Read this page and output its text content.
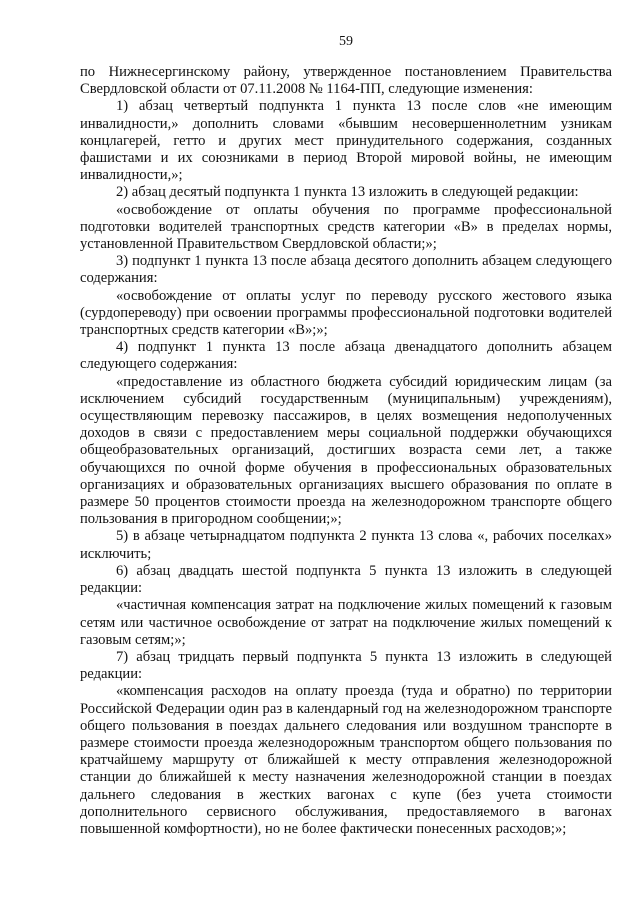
59

по Нижнесергинскому району, утвержденное постановлением Правительства Свердловской области от 07.11.2008 № 1164-ПП, следующие изменения:

1) абзац четвертый подпункта 1 пункта 13 после слов «не имеющим инвалидности,» дополнить словами «бывшим несовершеннолетним узникам концлагерей, гетто и других мест принудительного содержания, созданных фашистами и их союзниками в период Второй мировой войны, не имеющим инвалидности,»;

2) абзац десятый подпункта 1 пункта 13 изложить в следующей редакции:

«освобождение от оплаты обучения по программе профессиональной подготовки водителей транспортных средств категории «В» в пределах нормы, установленной Правительством Свердловской области;»;

3) подпункт 1 пункта 13 после абзаца десятого дополнить абзацем следующего содержания:

«освобождение от оплаты услуг по переводу русского жестового языка (сурдопереводу) при освоении программы профессиональной подготовки водителей транспортных средств категории «В»;»;

4) подпункт 1 пункта 13 после абзаца двенадцатого дополнить абзацем следующего содержания:

«предоставление из областного бюджета субсидий юридическим лицам (за исключением субсидий государственным (муниципальным) учреждениям), осуществляющим перевозку пассажиров, в целях возмещения недополученных доходов в связи с предоставлением меры социальной поддержки обучающихся общеобразовательных организаций, достигших возраста семи лет, а также обучающихся по очной форме обучения в профессиональных образовательных организациях и образовательных организациях высшего образования по оплате в размере 50 процентов стоимости проезда на железнодорожном транспорте общего пользования в пригородном сообщении;»;

5) в абзаце четырнадцатом подпункта 2 пункта 13 слова «, рабочих поселках» исключить;

6) абзац двадцать шестой подпункта 5 пункта 13 изложить в следующей редакции:

«частичная компенсация затрат на подключение жилых помещений к газовым сетям или частичное освобождение от затрат на подключение жилых помещений к газовым сетям;»;

7) абзац тридцать первый подпункта 5 пункта 13 изложить в следующей редакции:

«компенсация расходов на оплату проезда (туда и обратно) по территории Российской Федерации один раз в календарный год на железнодорожном транспорте общего пользования в поездах дальнего следования или воздушном транспорте в размере стоимости проезда железнодорожным транспортом общего пользования по кратчайшему маршруту от ближайшей к месту отправления железнодорожной станции до ближайшей к месту назначения железнодорожной станции в поездах дальнего следования в жестких вагонах с купе (без учета стоимости дополнительного сервисного обслуживания, предоставляемого в вагонах повышенной комфортности), но не более фактически понесенных расходов;»;
